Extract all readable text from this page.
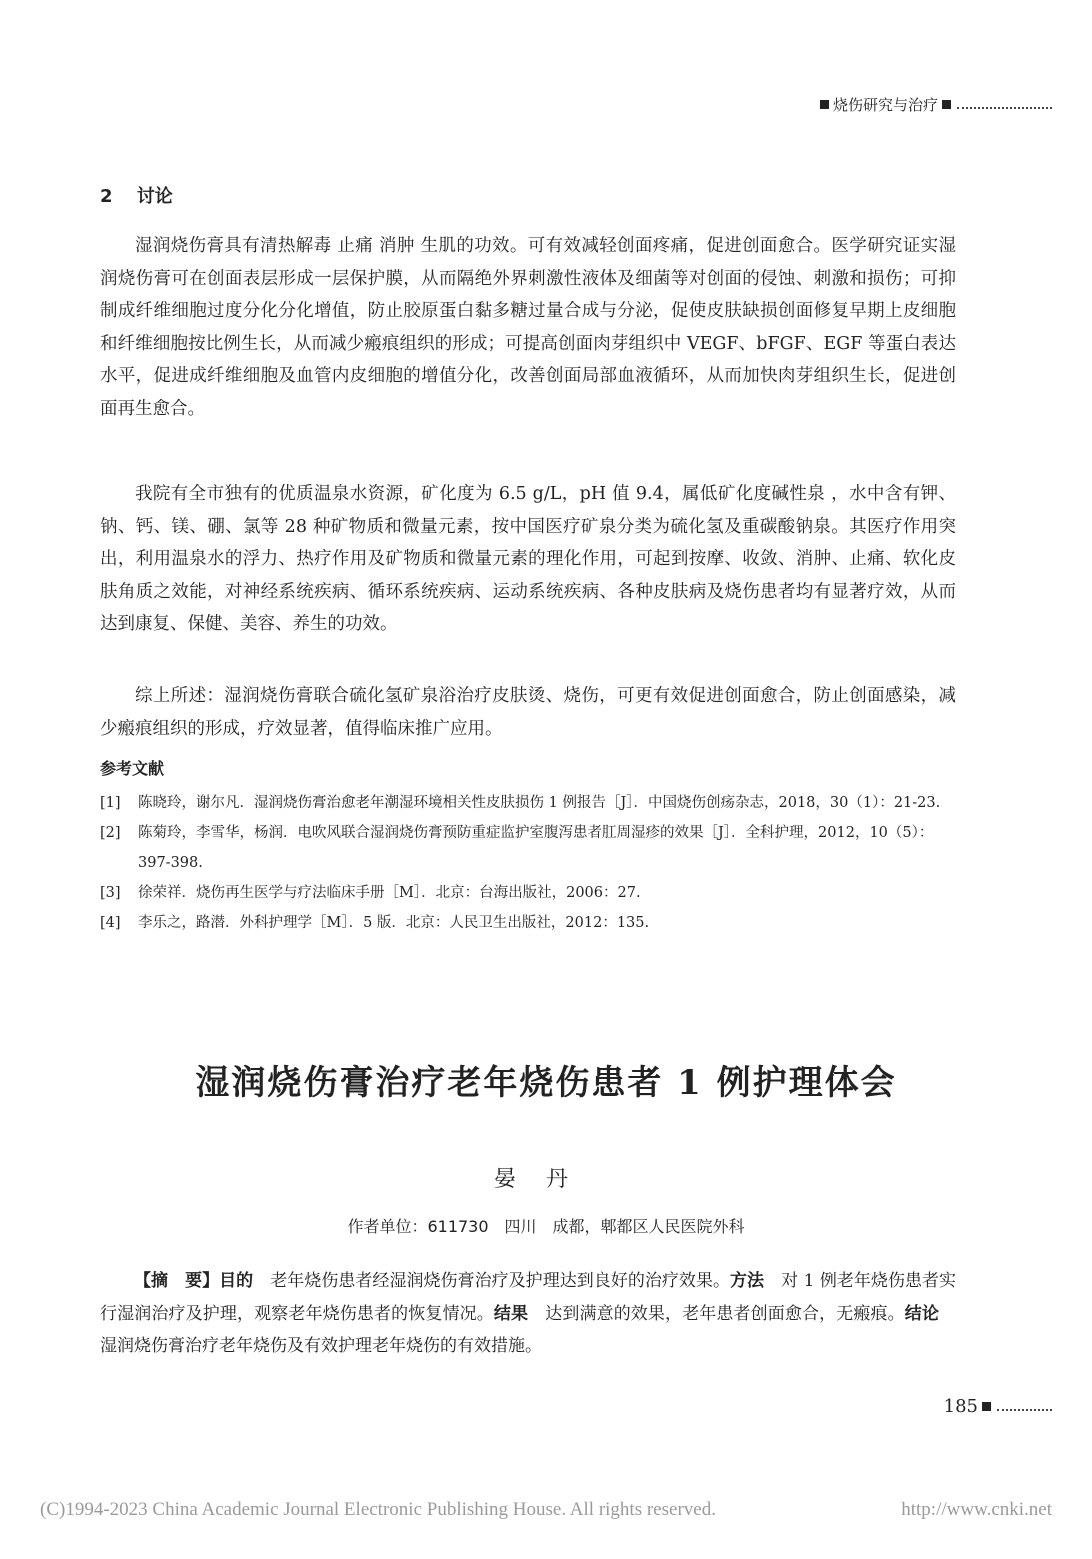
烧伤研究与治疗
2 讨论

湿润烧伤膏具有清热解毒 止痛 消肿 生肌的功效。可有效减轻创面疼痛，促进创面愈合。医学研究证实湿润烧伤膏可在创面表层形成一层保护膜，从而隔绝外界刺激性液体及细菌等对创面的侵蚀、刺激和损伤；可抑制成纤维细胞过度分化分化增值，防止胶原蛋白黏多糖过量合成与分泌，促使皮肤缺损创面修复早期上皮细胞和纤维细胞按比例生长，从而减少瘢痕组织的形成；可提高创面肉芽组织中 VEGF、bFGF、EGF 等蛋白表达水平，促进成纤维细胞及血管内皮细胞的增值分化，改善创面局部血液循环，从而加快肉芽组织生长，促进创面再生愈合。

我院有全市独有的优质温泉水资源，矿化度为 6.5 g/L，pH 值 9.4，属低矿化度碱性泉 ，水中含有钾、钠、钙、镁、硼、氯等 28 种矿物质和微量元素，按中国医疗矿泉分类为硫化氢及重碳酸钠泉。其医疗作用突出，利用温泉水的浮力、热疗作用及矿物质和微量元素的理化作用，可起到按摩、收敛、消肿、止痛、软化皮肤角质之效能，对神经系统疾病、循环系统疾病、运动系统疾病、各种皮肤病及烧伤患者均有显著疗效，从而达到康复、保健、美容、养生的功效。

综上所述：湿润烧伤膏联合硫化氢矿泉浴治疗皮肤烫、烧伤，可更有效促进创面愈合，防止创面感染，减少瘢痕组织的形成，疗效显著，值得临床推广应用。

参考文献
[1]	陈晓玲，谢尔凡．湿润烧伤膏治愈老年潮湿环境相关性皮肤损伤 1 例报告［J］．中国烧伤创疡杂志，2018，30（1）：21-23.
[2]	陈菊玲，李雪华，杨润．电吹风联合湿润烧伤膏预防重症监护室腹泻患者肛周湿疹的效果［J］．全科护理，2012，10（5）：397-398.
[3]	徐荣祥．烧伤再生医学与疗法临床手册［M］．北京：台海出版社，2006：27.
[4]	李乐之，路潜．外科护理学［M］．5 版．北京：人民卫生出版社，2012：135.
湿润烧伤膏治疗老年烧伤患者 1 例护理体会
晏丹
作者单位：611730　四川　成都，郫都区人民医院外科

【摘　要】目的　老年烧伤患者经湿润烧伤膏治疗及护理达到良好的治疗效果。方法　对 1 例老年烧伤患者实行湿润治疗及护理，观察老年烧伤患者的恢复情况。结果　达到满意的效果，老年患者创面愈合，无瘢痕。结论　湿润烧伤膏治疗老年烧伤及有效护理老年烧伤的有效措施。

185
(C)1994-2023 China Academic Journal Electronic Publishing House. All rights reserved.	http://www.cnki.net
